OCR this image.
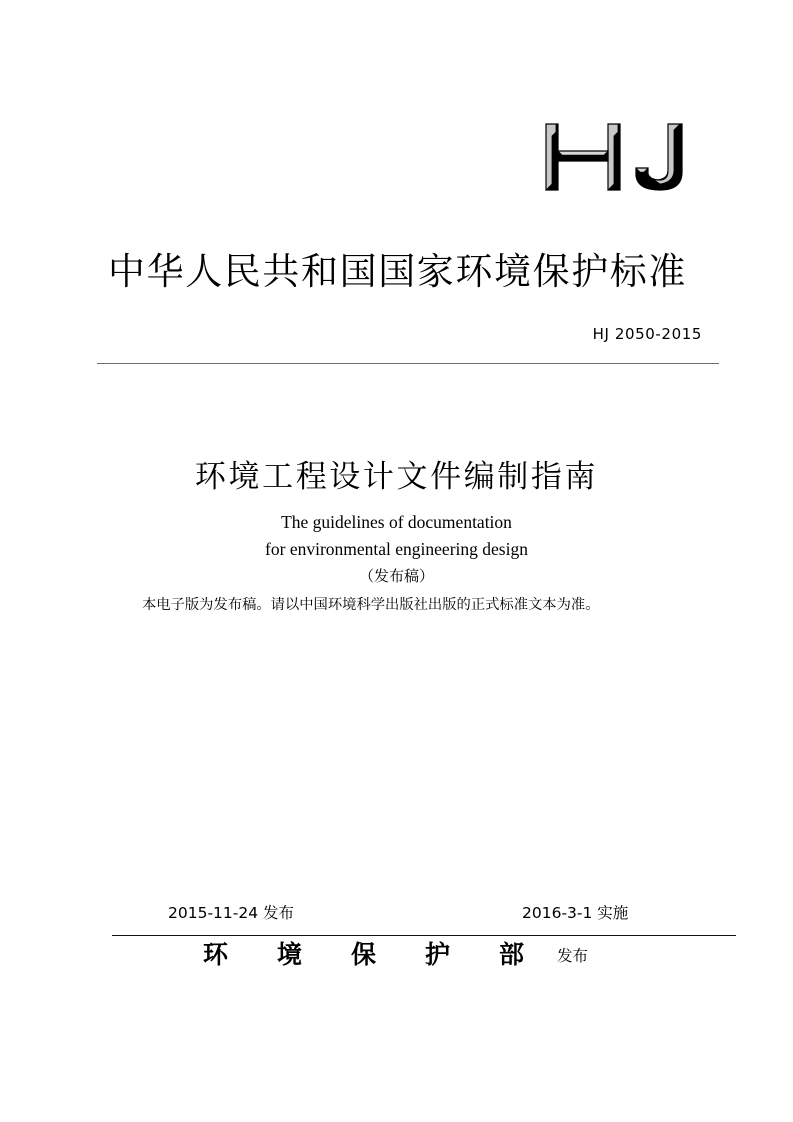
中华人民共和国国家环境保护标准
HJ 2050-2015
环境工程设计文件编制指南
The guidelines of documentation
for environmental engineering design
（发布稿）
本电子版为发布稿。请以中国环境科学出版社出版的正式标准文本为准。
2015-11-24 发布	2016-3-1 实施
环 境 保 护 部 发布
